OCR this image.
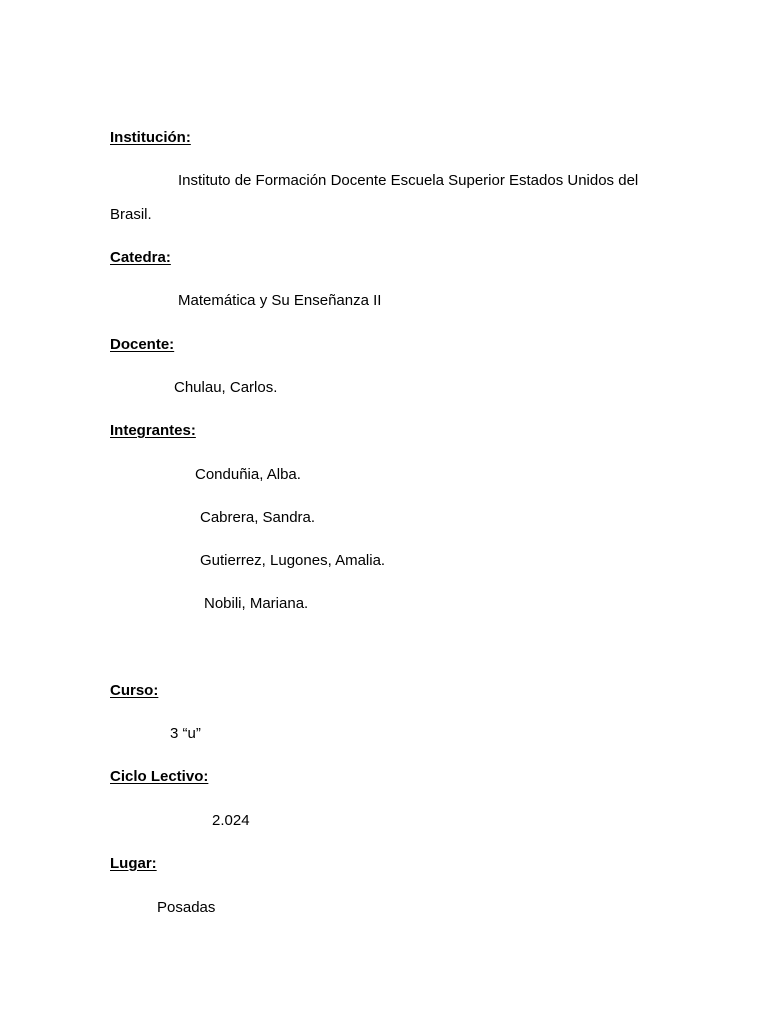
Institución:
Instituto de Formación Docente Escuela Superior Estados Unidos del
Brasil.
Catedra:
Matemática y Su Enseñanza II
Docente:
Chulau, Carlos.
Integrantes:
Conduñia, Alba.
Cabrera, Sandra.
Gutierrez, Lugones, Amalia.
Nobili, Mariana.
Curso:
3 “u”
Ciclo Lectivo:
2.024
Lugar:
Posadas
